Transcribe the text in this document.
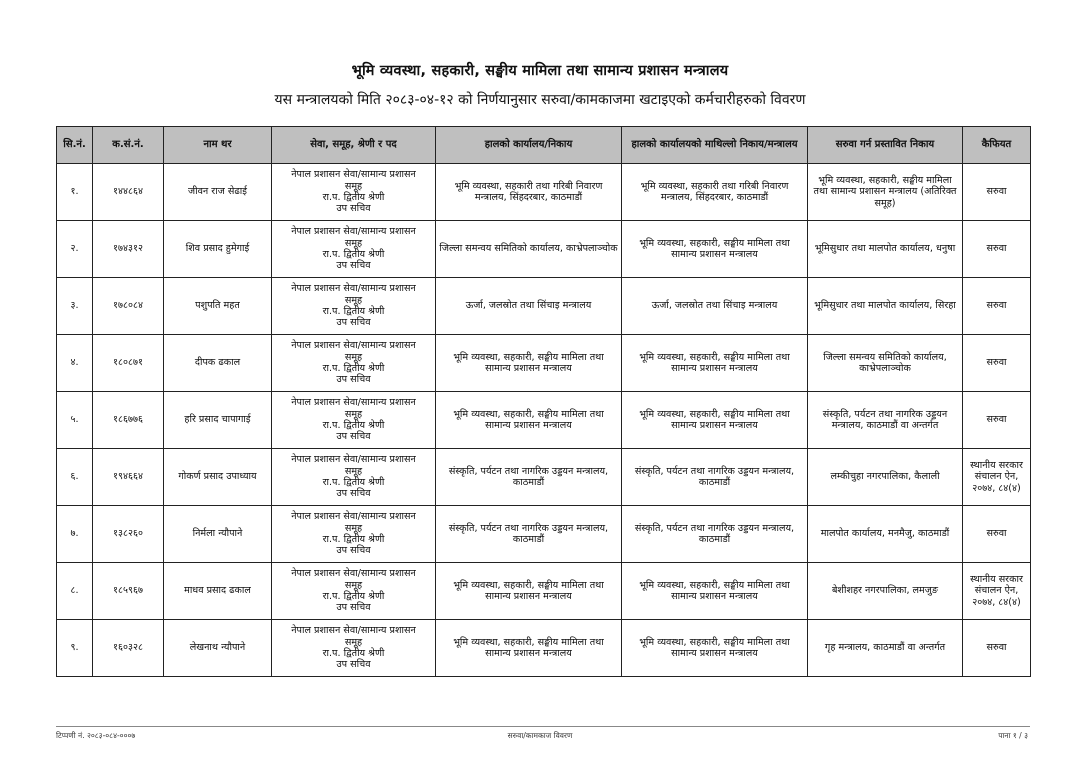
भूमि व्यवस्था, सहकारी, सङ्घीय मामिला तथा सामान्य प्रशासन मन्त्रालय
यस मन्त्रालयको मिति २०८३-०४-१२ को निर्णयानुसार सरुवा/कामकाजमा खटाइएको कर्मचारीहरुको विवरण
सि.नं.	क.सं.नं.	नाम थर	सेवा, समूह, श्रेणी र पद	हालको कार्यालय/निकाय	हालको कार्यालयको माथिल्लो निकाय/मन्त्रालय	सरुवा गर्न प्रस्तावित निकाय	कैफियत
१.	१४४८६४	जीवन राज सेढाई	नेपाल प्रशासन सेवा/सामान्य प्रशासन
समूह
रा.प. द्वितीय श्रेणी
उप सचिव	भूमि व्यवस्था, सहकारी तथा गरिबी निवारण मन्त्रालय, सिंहदरबार, काठमाडौं	भूमि व्यवस्था, सहकारी तथा गरिबी निवारण मन्त्रालय, सिंहदरबार, काठमाडौं	भूमि व्यवस्था, सहकारी, सङ्घीय मामिला तथा सामान्य प्रशासन मन्त्रालय (अतिरिक्त समूह)	सरुवा
२.	१७४३१२	शिव प्रसाद हुमेगाई	नेपाल प्रशासन सेवा/सामान्य प्रशासन
समूह
रा.प. द्वितीय श्रेणी
उप सचिव	जिल्ला समन्वय समितिको कार्यालय, काभ्रेपलाञ्चोक	भूमि व्यवस्था, सहकारी, सङ्घीय मामिला तथा सामान्य प्रशासन मन्त्रालय	भूमिसुधार तथा मालपोत कार्यालय, धनुषा	सरुवा
३.	१७८०८४	पशुपति महत	नेपाल प्रशासन सेवा/सामान्य प्रशासन
समूह
रा.प. द्वितीय श्रेणी
उप सचिव	ऊर्जा, जलस्रोत तथा सिंचाइ मन्त्रालय	ऊर्जा, जलस्रोत तथा सिंचाइ मन्त्रालय	भूमिसुधार तथा मालपोत कार्यालय, सिरहा	सरुवा
४.	१८०८७१	दीपक ढकाल	नेपाल प्रशासन सेवा/सामान्य प्रशासन
समूह
रा.प. द्वितीय श्रेणी
उप सचिव	भूमि व्यवस्था, सहकारी, सङ्घीय मामिला तथा सामान्य प्रशासन मन्त्रालय	भूमि व्यवस्था, सहकारी, सङ्घीय मामिला तथा सामान्य प्रशासन मन्त्रालय	जिल्ला समन्वय समितिको कार्यालय, काभ्रेपलाञ्चोक	सरुवा
५.	१८६७७६	हरि प्रसाद चापागाई	नेपाल प्रशासन सेवा/सामान्य प्रशासन
समूह
रा.प. द्वितीय श्रेणी
उप सचिव	भूमि व्यवस्था, सहकारी, सङ्घीय मामिला तथा सामान्य प्रशासन मन्त्रालय	भूमि व्यवस्था, सहकारी, सङ्घीय मामिला तथा सामान्य प्रशासन मन्त्रालय	संस्कृति, पर्यटन तथा नागरिक उड्डयन मन्त्रालय, काठमाडौं वा अन्तर्गत	सरुवा
६.	१९४६६४	गोकर्ण प्रसाद उपाध्याय	नेपाल प्रशासन सेवा/सामान्य प्रशासन
समूह
रा.प. द्वितीय श्रेणी
उप सचिव	संस्कृति, पर्यटन तथा नागरिक उड्डयन मन्त्रालय, काठमाडौं	संस्कृति, पर्यटन तथा नागरिक उड्डयन मन्त्रालय, काठमाडौं	लम्कीचुहा नगरपालिका, कैलाली	स्थानीय सरकार संचालन ऐन, २०७४, ८४(४)
७.	१३८२६०	निर्मला न्यौपाने	नेपाल प्रशासन सेवा/सामान्य प्रशासन
समूह
रा.प. द्वितीय श्रेणी
उप सचिव	संस्कृति, पर्यटन तथा नागरिक उड्डयन मन्त्रालय, काठमाडौं	संस्कृति, पर्यटन तथा नागरिक उड्डयन मन्त्रालय, काठमाडौं	मालपोत कार्यालय, मनमैजु, काठमाडौं	सरुवा
८.	१८५९६७	माधव प्रसाद ढकाल	नेपाल प्रशासन सेवा/सामान्य प्रशासन
समूह
रा.प. द्वितीय श्रेणी
उप सचिव	भूमि व्यवस्था, सहकारी, सङ्घीय मामिला तथा सामान्य प्रशासन मन्त्रालय	भूमि व्यवस्था, सहकारी, सङ्घीय मामिला तथा सामान्य प्रशासन मन्त्रालय	बेशीशहर नगरपालिका, लमजुङ	स्थानीय सरकार संचालन ऐन, २०७४, ८४(४)
९.	१६०३२८	लेखनाथ न्यौपाने	नेपाल प्रशासन सेवा/सामान्य प्रशासन
समूह
रा.प. द्वितीय श्रेणी
उप सचिव	भूमि व्यवस्था, सहकारी, सङ्घीय मामिला तथा सामान्य प्रशासन मन्त्रालय	भूमि व्यवस्था, सहकारी, सङ्घीय मामिला तथा सामान्य प्रशासन मन्त्रालय	गृह मन्त्रालय, काठमाडौं वा अन्तर्गत	सरुवा
टिप्पणी नं. २०८३-०८४-०००७	सरुवा/कामकाज विवरण	पाना १ / ३
